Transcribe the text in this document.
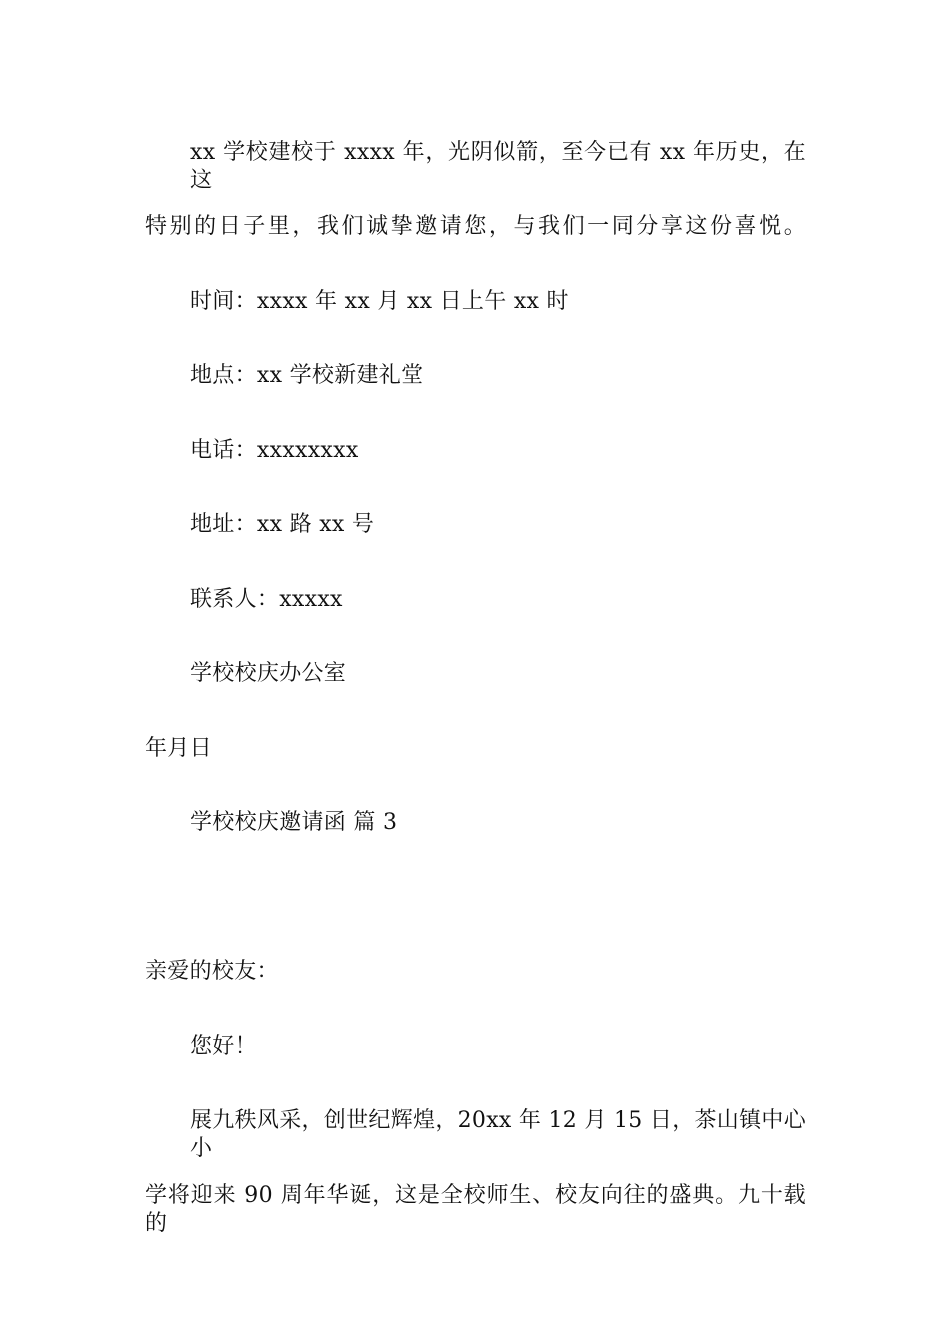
xx 学校建校于 xxxx 年，光阴似箭，至今已有 xx 年历史，在这
特别的日子里，我们诚挚邀请您，与我们一同分享这份喜悦。
时间：xxxx 年 xx 月 xx 日上午 xx 时
地点：xx 学校新建礼堂
电话：xxxxxxxx
地址：xx 路 xx 号
联系人：xxxxx
学校校庆办公室
年月日
学校校庆邀请函 篇 3
亲爱的校友：
您好！
展九秩风采，创世纪辉煌，20xx 年 12 月 15 日，茶山镇中心小
学将迎来 90 周年华诞，这是全校师生、校友向往的盛典。九十载的
